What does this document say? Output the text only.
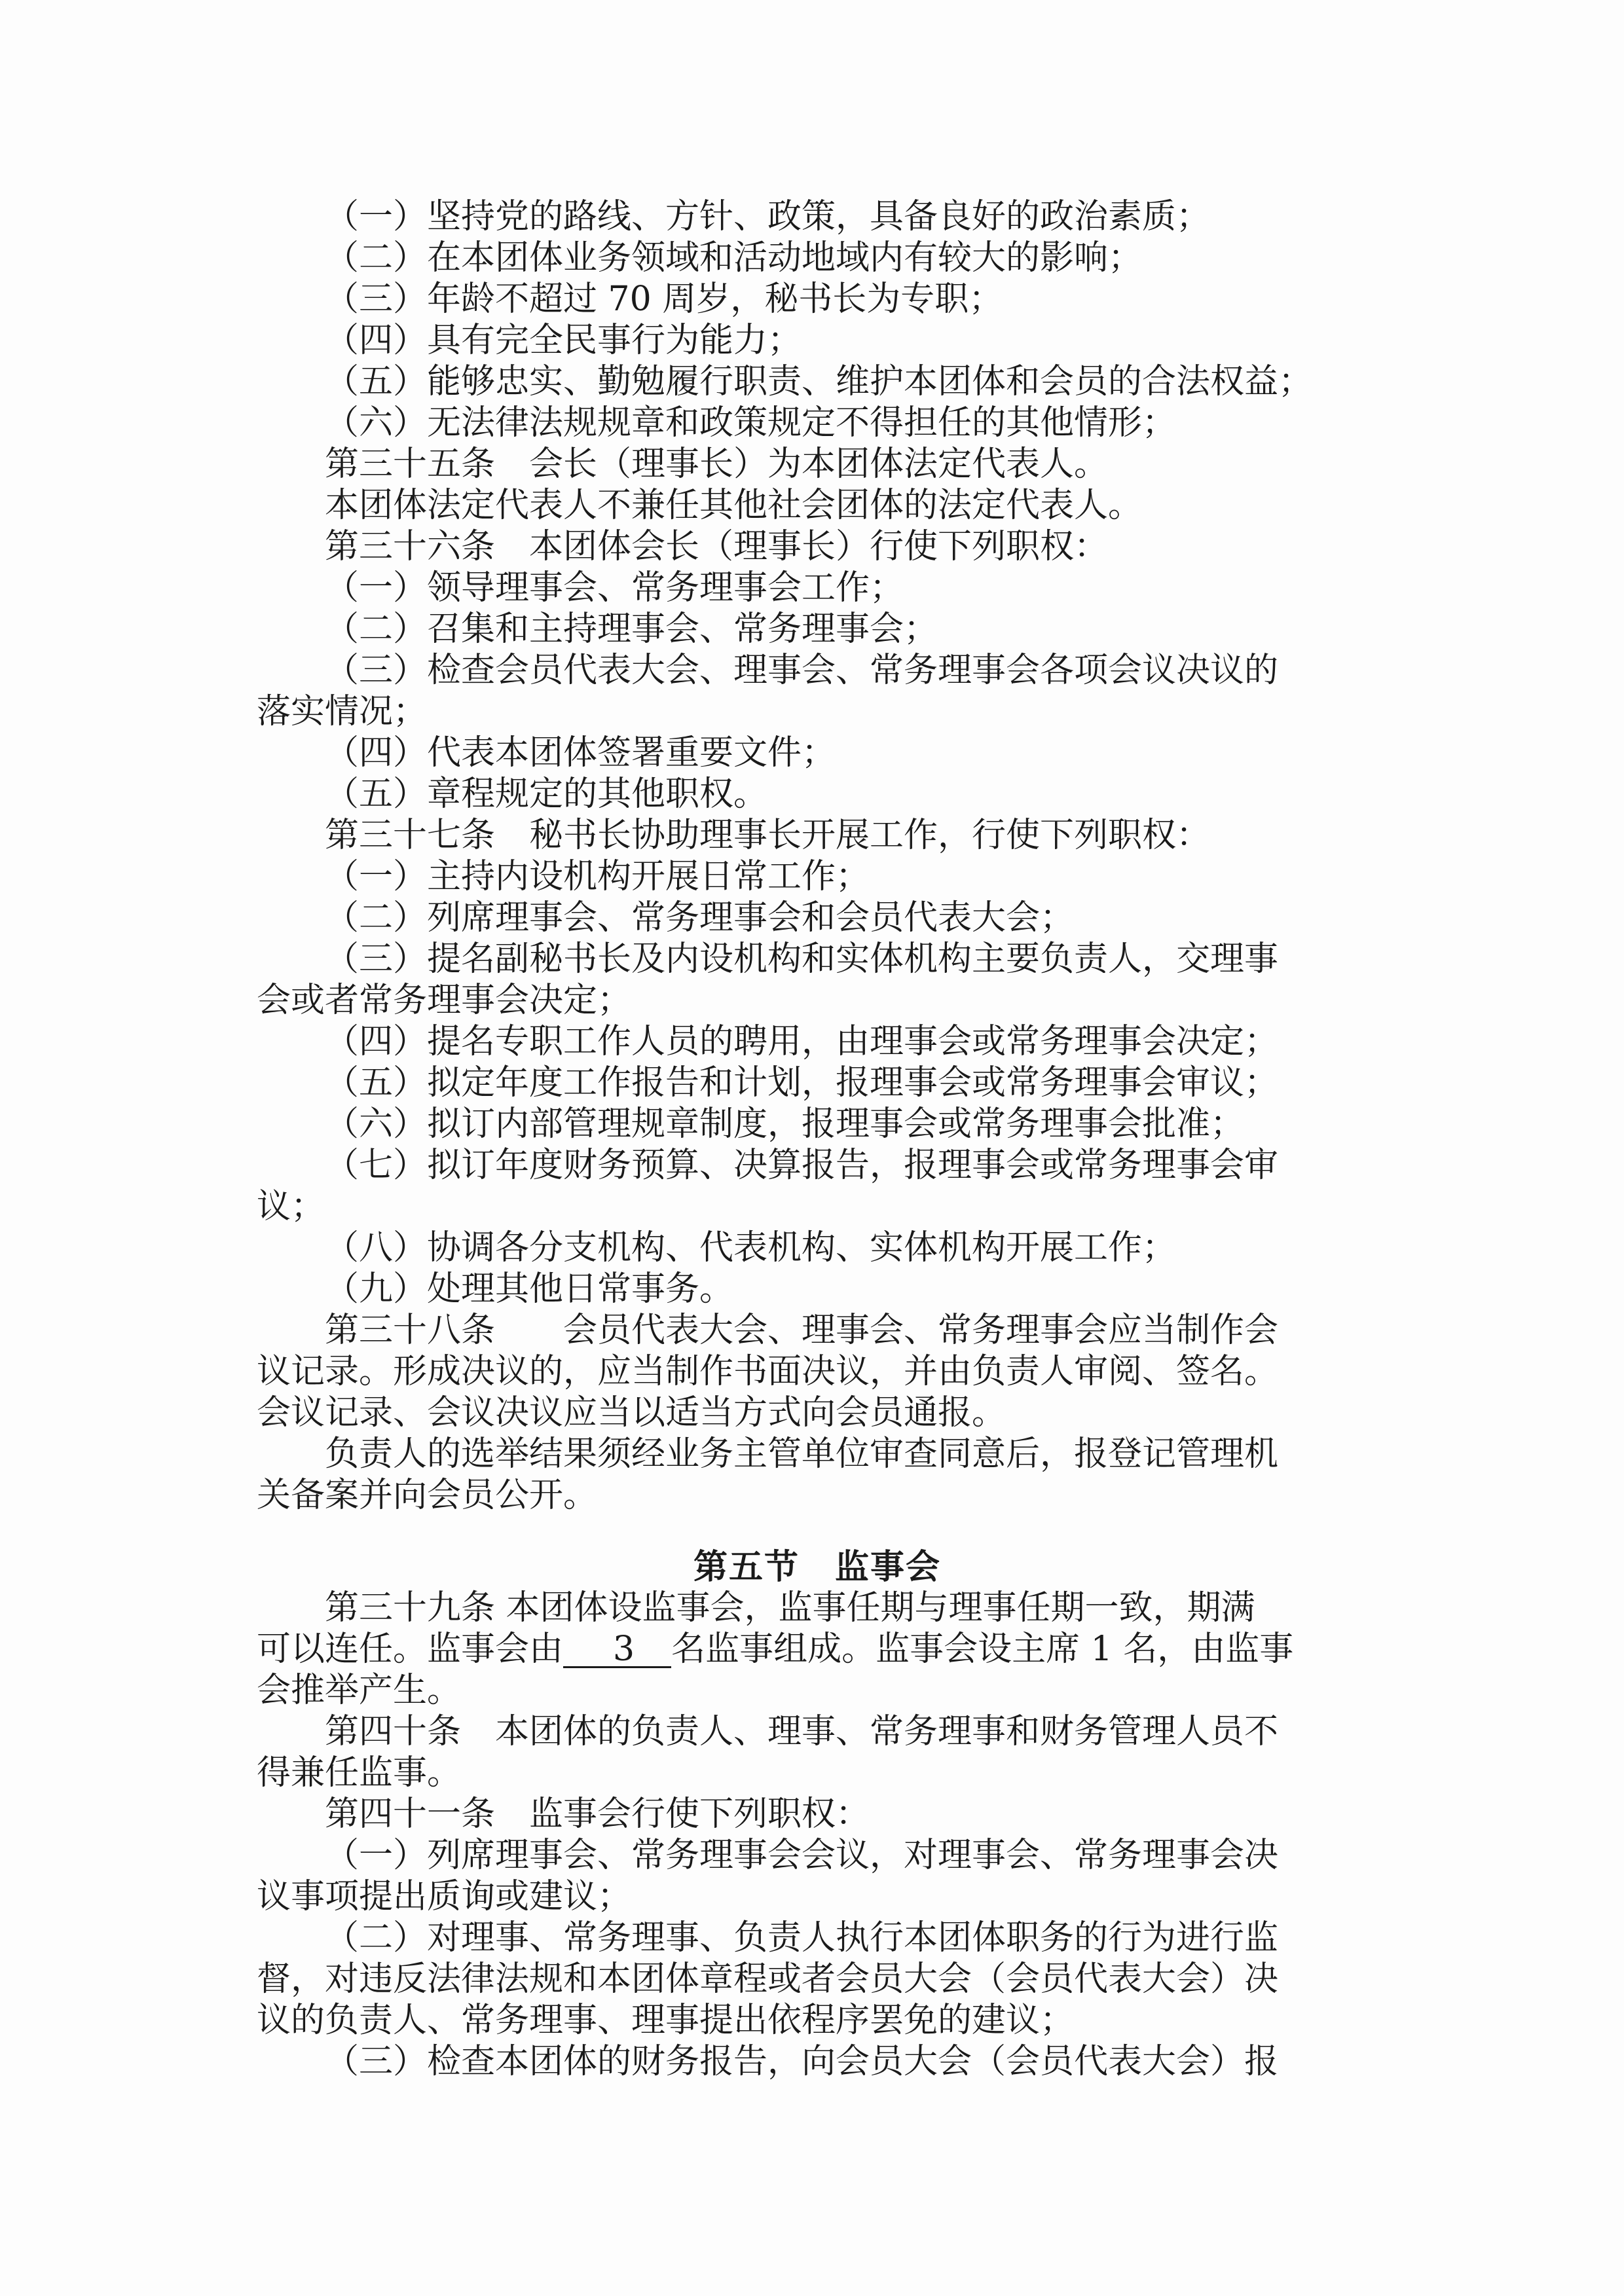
（一）坚持党的路线、方针、政策，具备良好的政治素质；
（二）在本团体业务领域和活动地域内有较大的影响；
（三）年龄不超过 70 周岁，秘书长为专职；
（四）具有完全民事行为能力；
（五）能够忠实、勤勉履行职责、维护本团体和会员的合法权益；
（六）无法律法规规章和政策规定不得担任的其他情形；
第三十五条　会长（理事长）为本团体法定代表人。
本团体法定代表人不兼任其他社会团体的法定代表人。
第三十六条　本团体会长（理事长）行使下列职权：
（一）领导理事会、常务理事会工作；
（二）召集和主持理事会、常务理事会；
（三）检查会员代表大会、理事会、常务理事会各项会议决议的
落实情况；
（四）代表本团体签署重要文件；
（五）章程规定的其他职权。
第三十七条　秘书长协助理事长开展工作，行使下列职权：
（一）主持内设机构开展日常工作；
（二）列席理事会、常务理事会和会员代表大会；
（三）提名副秘书长及内设机构和实体机构主要负责人，交理事
会或者常务理事会决定；
（四）提名专职工作人员的聘用，由理事会或常务理事会决定；
（五）拟定年度工作报告和计划，报理事会或常务理事会审议；
（六）拟订内部管理规章制度，报理事会或常务理事会批准；
（七）拟订年度财务预算、决算报告，报理事会或常务理事会审
议；
（八）协调各分支机构、代表机构、实体机构开展工作；
（九）处理其他日常事务。
第三十八条　　会员代表大会、理事会、常务理事会应当制作会
议记录。形成决议的，应当制作书面决议，并由负责人审阅、签名。
会议记录、会议决议应当以适当方式向会员通报。
负责人的选举结果须经业务主管单位审查同意后，报登记管理机
关备案并向会员公开。
第五节　监事会
第三十九条 本团体设监事会，监事任期与理事任期一致，期满
可以连任。监事会由 3 名监事组成。监事会设主席 1 名，由监事
会推举产生。
第四十条　本团体的负责人、理事、常务理事和财务管理人员不
得兼任监事。
第四十一条　监事会行使下列职权：
（一）列席理事会、常务理事会会议，对理事会、常务理事会决
议事项提出质询或建议；
（二）对理事、常务理事、负责人执行本团体职务的行为进行监
督，对违反法律法规和本团体章程或者会员大会（会员代表大会）决
议的负责人、常务理事、理事提出依程序罢免的建议；
（三）检查本团体的财务报告，向会员大会（会员代表大会）报
